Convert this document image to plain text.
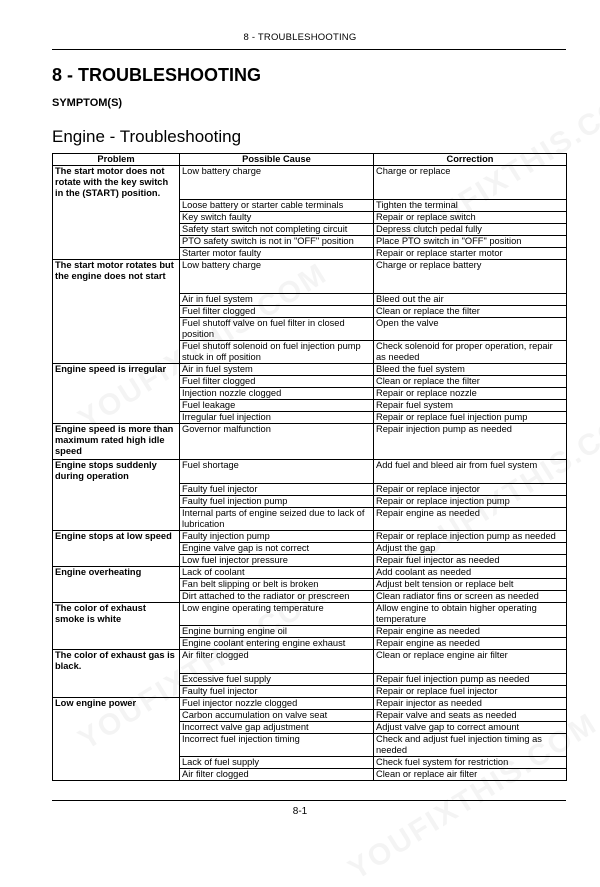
8 - TROUBLESHOOTING
8 - TROUBLESHOOTING
SYMPTOM(S)
Engine - Troubleshooting
Problem	Possible Cause	Correction
The start motor does not rotate with the key switch in the (START) position.	Low battery charge	Charge or replace
	Loose battery or starter cable terminals	Tighten the terminal
	Key switch faulty	Repair or replace switch
	Safety start switch not completing circuit	Depress clutch pedal fully
	PTO safety switch is not in "OFF" position	Place PTO switch in "OFF" position
	Starter motor faulty	Repair or replace starter motor
The start motor rotates but the engine does not start	Low battery charge	Charge or replace battery
	Air in fuel system	Bleed out the air
	Fuel filter clogged	Clean or replace the filter
	Fuel shutoff valve on fuel filter in closed position	Open the valve
	Fuel shutoff solenoid on fuel injection pump stuck in off position	Check solenoid for proper operation, repair as needed
Engine speed is irregular	Air in fuel system	Bleed the fuel system
	Fuel filter clogged	Clean or replace the filter
	Injection nozzle clogged	Repair or replace nozzle
	Fuel leakage	Repair fuel system
	Irregular fuel injection	Repair or replace fuel injection pump
Engine speed is more than maximum rated high idle speed	Governor malfunction	Repair injection pump as needed
Engine stops suddenly during operation	Fuel shortage	Add fuel and bleed air from fuel system
	Faulty fuel injector	Repair or replace injector
	Faulty fuel injection pump	Repair or replace injection pump
	Internal parts of engine seized due to lack of lubrication	Repair engine as needed
Engine stops at low speed	Faulty injection pump	Repair or replace injection pump as needed
	Engine valve gap is not correct	Adjust the gap
	Low fuel injector pressure	Repair fuel injector as needed
Engine overheating	Lack of coolant	Add coolant as needed
	Fan belt slipping or belt is broken	Adjust belt tension or replace belt
	Dirt attached to the radiator or prescreen	Clean radiator fins or screen as needed
The color of exhaust smoke is white	Low engine operating temperature	Allow engine to obtain higher operating temperature
	Engine burning engine oil	Repair engine as needed
	Engine coolant entering engine exhaust	Repair engine as needed
The color of exhaust gas is black.	Air filter clogged	Clean or replace engine air filter
	Excessive fuel supply	Repair fuel injection pump as needed
	Faulty fuel injector	Repair or replace fuel injector
Low engine power	Fuel injector nozzle clogged	Repair injector as needed
	Carbon accumulation on valve seat	Repair valve and seats as needed
	Incorrect valve gap adjustment	Adjust valve gap to correct amount
	Incorrect fuel injection timing	Check and adjust fuel injection timing as needed
	Lack of fuel supply	Check fuel system for restriction
	Air filter clogged	Clean or replace air filter
8-1
